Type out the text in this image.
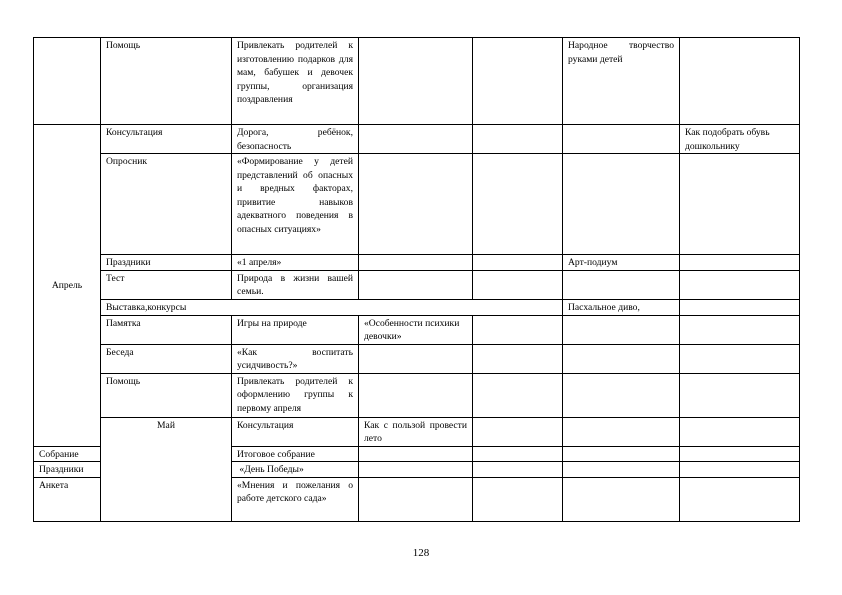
	Помощь	Привлекать родителей к изготовлению подарков для мам, бабушек и девочек группы, организация поздравления			Народное творчество руками детей		
Апрель	Консультация	Дорога, ребёнок, безопасность				Как подобрать обувь дошкольнику	
	Опросник	«Формирование у детей представлений об опасных и вредных факторах, привитие навыков адекватного поведения в опасных ситуациях»					
	Праздники	«1 апреля»			Арт-подиум		
	Тест	Природа в жизни вашей семьи.					
	Выставка,конкурсы				Пасхальное диво,		
	Памятка	Игры на природе	«Особенности психики девочки»				
	Беседа	«Как воспитать усидчивость?»					
	Помощь	Привлекать родителей к оформлению группы к первому апреля					
	Май	Консультация	Как с пользой провести лето				
Собрание		Итоговое собрание					
Праздники		«День Победы»					
Анкета		«Мнения и пожелания о работе детского сада»					
128
